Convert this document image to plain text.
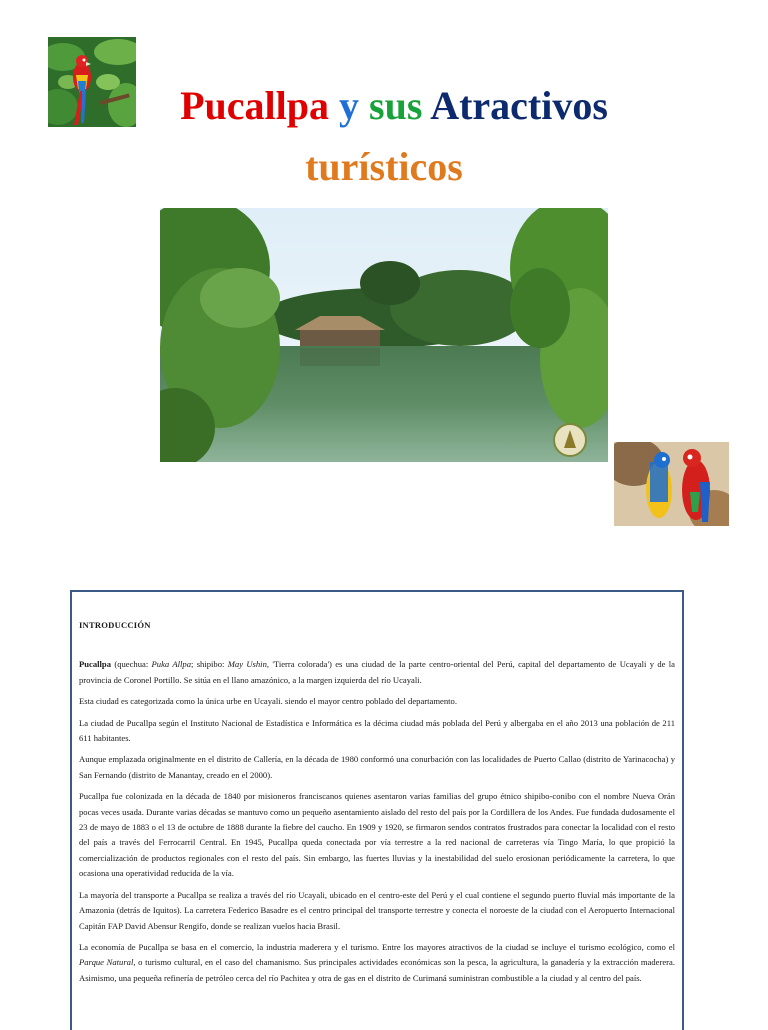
Pucallpa y sus Atractivos
turísticos

INTRODUCCIÓN

Pucallpa (quechua: Puka Allpa; shipibo: May Ushin, 'Tierra colorada') es una ciudad de la parte centro-oriental del Perú, capital del departamento de Ucayali y de la provincia de Coronel Portillo. Se sitúa en el llano amazónico, a la margen izquierda del río Ucayali.

Esta ciudad es categorizada como la única urbe en Ucayali. siendo el mayor centro poblado del departamento.

La ciudad de Pucallpa según el Instituto Nacional de Estadística e Informática es la décima ciudad más poblada del Perú y albergaba en el año 2013 una población de 211 611 habitantes.

Aunque emplazada originalmente en el distrito de Callería, en la década de 1980 conformó una conurbación con las localidades de Puerto Callao (distrito de Yarinacocha) y San Fernando (distrito de Manantay, creado en el 2000).

Pucallpa fue colonizada en la década de 1840 por misioneros franciscanos quienes asentaron varias familias del grupo étnico shipibo-conibo con el nombre Nueva Orán pocas veces usada. Durante varias décadas se mantuvo como un pequeño asentamiento aislado del resto del país por la Cordillera de los Andes. Fue fundada dudosamente el 23 de mayo de 1883 o el 13 de octubre de 1888 durante la fiebre del caucho. En 1909 y 1920, se firmaron sendos contratos frustrados para conectar la localidad con el resto del país a través del Ferrocarril Central. En 1945, Pucallpa queda conectada por vía terrestre a la red nacional de carreteras vía Tingo María, lo que propició la comercialización de productos regionales con el resto del país. Sin embargo, las fuertes lluvias y la inestabilidad del suelo erosionan periódicamente la carretera, lo que ocasiona una operatividad reducida de la vía.

La mayoría del transporte a Pucallpa se realiza a través del río Ucayali, ubicado en el centro-este del Perú y el cual contiene el segundo puerto fluvial más importante de la Amazonia (detrás de Iquitos). La carretera Federico Basadre es el centro principal del transporte terrestre y conecta el noroeste de la ciudad con el Aeropuerto Internacional Capitán FAP David Abensur Rengifo, donde se realizan vuelos hacia Brasil.

La economía de Pucallpa se basa en el comercio, la industria maderera y el turismo. Entre los mayores atractivos de la ciudad se incluye el turismo ecológico, como el Parque Natural, o turismo cultural, en el caso del chamanismo. Sus principales actividades económicas son la pesca, la agricultura, la ganadería y la extracción maderera. Asimismo, una pequeña refinería de petróleo cerca del río Pachitea y otra de gas en el distrito de Curimaná suministran combustible a la ciudad y al centro del país.
